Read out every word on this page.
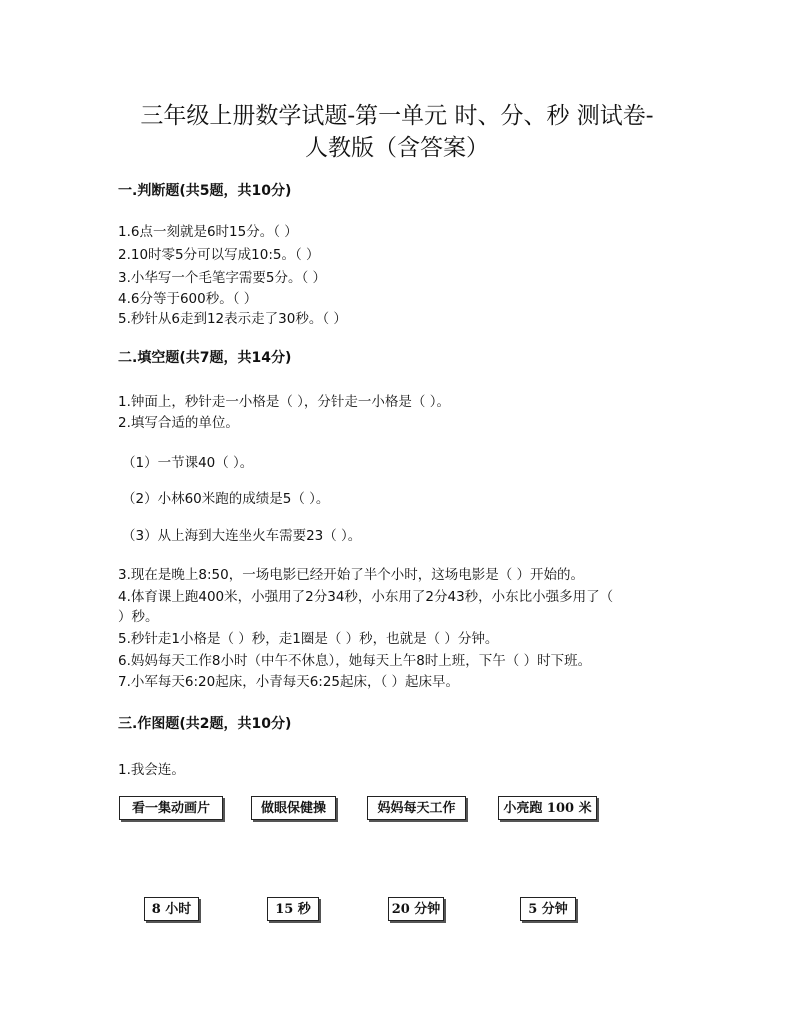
三年级上册数学试题-第一单元 时、分、秒 测试卷-
人教版（含答案）
一.判断题(共5题，共10分)
1.6点一刻就是6时15分。（ ）
2.10时零5分可以写成10:5。（ ）
3.小华写一个毛笔字需要5分。（ ）
4.6分等于600秒。（ ）
5.秒针从6走到12表示走了30秒。（ ）
二.填空题(共7题，共14分)
1.钟面上，秒针走一小格是（ ），分针走一小格是（ ）。
2.填写合适的单位。
（1）一节课40（ ）。
（2）小林60米跑的成绩是5（ ）。
（3）从上海到大连坐火车需要23（ ）。
3.现在是晚上8:50，一场电影已经开始了半个小时，这场电影是（ ）开始的。
4.体育课上跑400米，小强用了2分34秒，小东用了2分43秒，小东比小强多用了（
）秒。
5.秒针走1小格是（ ）秒，走1圈是（ ）秒，也就是（ ）分钟。
6.妈妈每天工作8小时（中午不休息），她每天上午8时上班，下午（ ）时下班。
7.小军每天6:20起床，小青每天6:25起床，（ ）起床早。
三.作图题(共2题，共10分)
1.我会连。
看一集动画片	做眼保健操	妈妈每天工作	小亮跑 100 米
8 小时	15 秒	20 分钟	5 分钟
